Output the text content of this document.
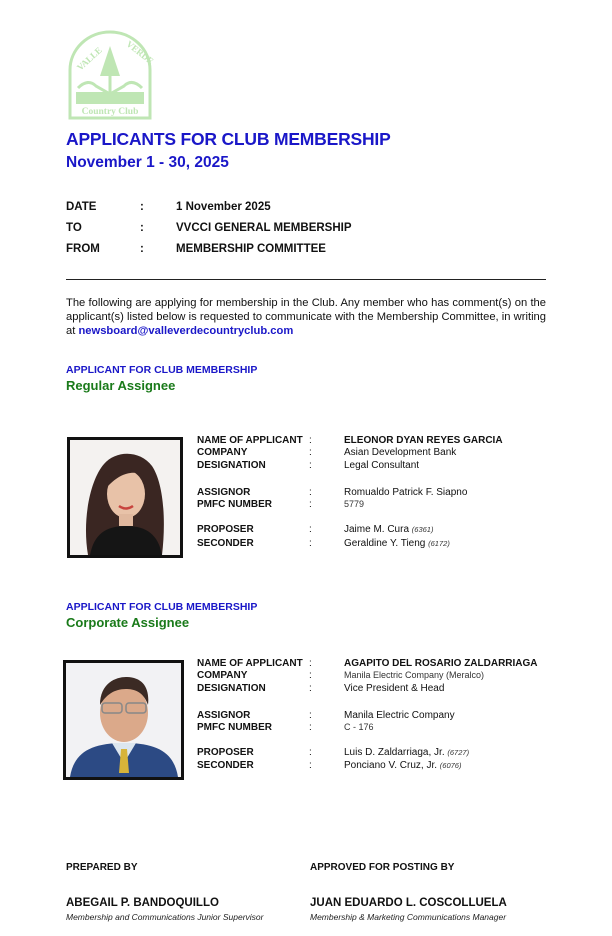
VALLE VERDE
Country Club
APPLICANTS FOR CLUB MEMBERSHIP
November 1 - 30, 2025
DATE	:	1 November 2025
TO	:	VVCCI GENERAL MEMBERSHIP
FROM	:	MEMBERSHIP COMMITTEE
The following are applying for membership in the Club. Any member who has comment(s) on the applicant(s) listed below is requested to communicate with the Membership Committee, in writing at newsboard@valleverdecountryclub.com
APPLICANT FOR CLUB MEMBERSHIP
Regular Assignee
NAME OF APPLICANT :	ELEONOR DYAN REYES GARCIA
COMPANY	:	Asian Development Bank
DESIGNATION	:	Legal Consultant
ASSIGNOR	:	Romualdo Patrick F. Siapno
PMFC NUMBER	:	5779
PROPOSER	:	Jaime M. Cura (6361)
SECONDER	:	Geraldine Y. Tieng (6172)
APPLICANT FOR CLUB MEMBERSHIP
Corporate Assignee
NAME OF APPLICANT :	AGAPITO DEL ROSARIO ZALDARRIAGA
COMPANY	:	Manila Electric Company (Meralco)
DESIGNATION	:	Vice President & Head
ASSIGNOR	:	Manila Electric Company
PMFC NUMBER	:	C - 176
PROPOSER	:	Luis D. Zaldarriaga, Jr. (6727)
SECONDER	:	Ponciano V. Cruz, Jr. (6076)
PREPARED BY
ABEGAIL P. BANDOQUILLO
Membership and Communications Junior Supervisor
APPROVED FOR POSTING BY
JUAN EDUARDO L. COSCOLLUELA
Membership & Marketing Communications Manager
